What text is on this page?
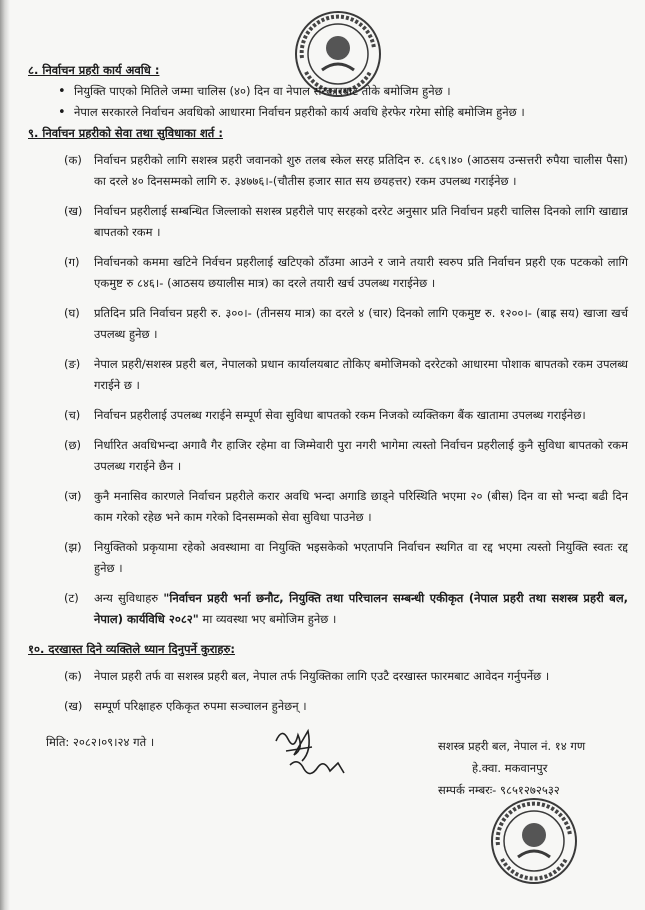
८. निर्वाचन प्रहरी कार्य अवधि :

• नियुक्ति पाएको मितिले जम्मा चालिस (४०) दिन वा नेपाल सरकारबाट तोके बमोजिम हुनेछ ।
• नेपाल सरकारले निर्वाचन अवधिको आधारमा निर्वाचन प्रहरीको कार्य अवधि हेरफेर गरेमा सोहि बमोजिम हुनेछ ।

९. निर्वाचन प्रहरीको सेवा तथा सुविधाका शर्त :

(क)	निर्वाचन प्रहरीको लागि सशस्त्र प्रहरी जवानको शुरु तलब स्केल सरह प्रतिदिन रु. ८६९।४० (आठसय उन्सत्तरी रुपैया चालीस पैसा) का दरले ४० दिनसम्मको लागि रु. ३४७७६।-(चौतीस हजार सात सय छयहत्तर) रकम उपलब्ध गराईनेछ ।
(ख)	निर्वाचन प्रहरीलाई सम्बन्धित जिल्लाको सशस्त्र प्रहरीले पाए सरहको दररेट अनुसार प्रति निर्वाचन प्रहरी चालिस दिनको लागि खाद्यान्न बापतको रकम ।
(ग)	निर्वाचनको कममा खटिने निर्वचन प्रहरीलाई खटिएको ठाँउमा आउने र जाने तयारी स्वरुप प्रति निर्वाचन प्रहरी एक पटकको लागि एकमुष्ट रु ८४६।- (आठसय छयालीस मात्र) का दरले तयारी खर्च उपलब्ध गराईनेछ ।
(घ)	प्रतिदिन प्रति निर्वाचन प्रहरी रु. ३००।- (तीनसय मात्र) का दरले ४ (चार) दिनको लागि एकमुष्ट रु. १२००।- (बाह्र सय) खाजा खर्च उपलब्ध हुनेछ ।
(ङ)	नेपाल प्रहरी/सशस्त्र प्रहरी बल, नेपालको प्रधान कार्यालयबाट तोकिए बमोजिमको दररेटको आधारमा पोशाक बापतको रकम उपलब्ध गराईने छ ।
(च)	निर्वाचन प्रहरीलाई उपलब्ध गराईने सम्पूर्ण सेवा सुविधा बापतको रकम निजको व्यक्तिकग बैंक खातामा उपलब्ध गराईनेछ।
(छ)	निर्धारित अवधिभन्दा अगावै गैर हाजिर रहेमा वा जिम्मेवारी पुरा नगरी भागेमा त्यस्तो निर्वाचन प्रहरीलाई कुनै सुविधा बापतको रकम उपलब्ध गराईने छैन ।
(ज)	कुनै मनासिव कारणले निर्वाचन प्रहरीले करार अवधि भन्दा अगाडि छाड्ने परिस्थिति भएमा २० (बीस) दिन वा सो भन्दा बढी दिन काम गरेको रहेछ भने काम गरेको दिनसम्मको सेवा सुविधा पाउनेछ ।
(झ)	नियुक्तिको प्रकृयामा रहेको अवस्थामा वा नियुक्ति भइसकेको भएतापनि निर्वाचन स्थगित वा रद्द भएमा त्यस्तो नियुक्ति स्वतः रद्द हुनेछ ।
(ट)	अन्य सुविधाहरु "निर्वाचन प्रहरी भर्ना छनौट, नियुक्ति तथा परिचालन सम्बन्धी एकीकृत (नेपाल प्रहरी तथा सशस्त्र प्रहरी बल, नेपाल) कार्यविधि २०८२" मा व्यवस्था भए बमोजिम हुनेछ ।

१०. दरखास्त दिने व्यक्तिले ध्यान दिनुपर्ने कुराहरु:

(क)	नेपाल प्रहरी तर्फ वा सशस्त्र प्रहरी बल, नेपाल तर्फ नियुक्तिका लागि एउटै दरखास्त फारमबाट आवेदन गर्नुपर्नेछ ।
(ख)	सम्पूर्ण परिक्षाहरु एकिकृत रुपमा सञ्चालन हुनेछन् ।
मिति: २०८२।०९।२४ गते ।	सशस्त्र प्रहरी बल, नेपाल नं. १४ गण
हे.क्वा. मकवानपुर
सम्पर्क नम्बरः- ९८५१२७२५३२
